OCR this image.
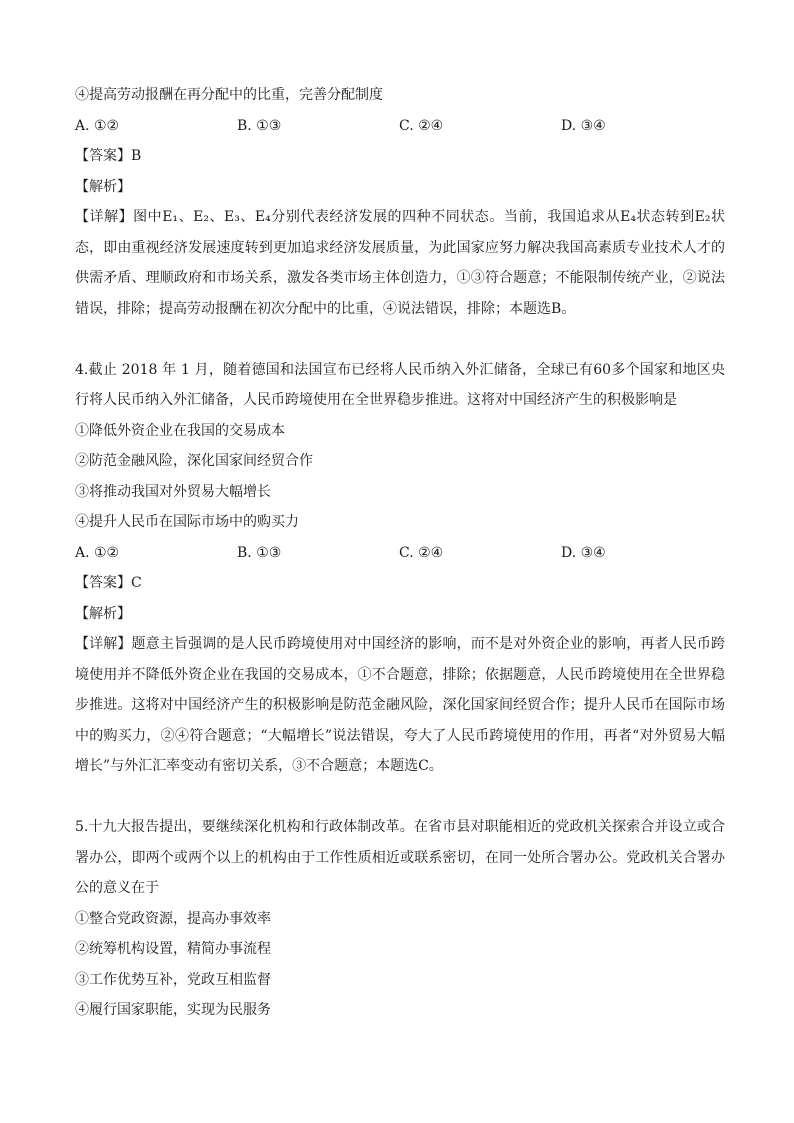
④提高劳动报酬在再分配中的比重，完善分配制度
A. ①②	B. ①③	C. ②④	D. ③④
【答案】B
【解析】
【详解】图中E₁、E₂、E₃、E₄分别代表经济发展的四种不同状态。当前，我国追求从E₄状态转到E₂状态，即由重视经济发展速度转到更加追求经济发展质量，为此国家应努力解决我国高素质专业技术人才的供需矛盾、理顺政府和市场关系，激发各类市场主体创造力，①③符合题意；不能限制传统产业，②说法错误，排除；提高劳动报酬在初次分配中的比重，④说法错误，排除；本题选B。
4.截止 2018 年 1 月，随着德国和法国宣布已经将人民币纳入外汇储备，全球已有60多个国家和地区央行将人民币纳入外汇储备，人民币跨境使用在全世界稳步推进。这将对中国经济产生的积极影响是
①降低外资企业在我国的交易成本
②防范金融风险，深化国家间经贸合作
③将推动我国对外贸易大幅增长
④提升人民币在国际市场中的购买力
A. ①②	B. ①③	C. ②④	D. ③④
【答案】C
【解析】
【详解】题意主旨强调的是人民币跨境使用对中国经济的影响，而不是对外资企业的影响，再者人民币跨境使用并不降低外资企业在我国的交易成本，①不合题意，排除；依据题意，人民币跨境使用在全世界稳步推进。这将对中国经济产生的积极影响是防范金融风险，深化国家间经贸合作；提升人民币在国际市场中的购买力，②④符合题意；“大幅增长”说法错误，夸大了人民币跨境使用的作用，再者“对外贸易大幅增长”与外汇汇率变动有密切关系，③不合题意；本题选C。
5.十九大报告提出，要继续深化机构和行政体制改革。在省市县对职能相近的党政机关探索合并设立或合署办公，即两个或两个以上的机构由于工作性质相近或联系密切，在同一处所合署办公。党政机关合署办公的意义在于
①整合党政资源，提高办事效率
②统筹机构设置，精简办事流程
③工作优势互补，党政互相监督
④履行国家职能，实现为民服务
